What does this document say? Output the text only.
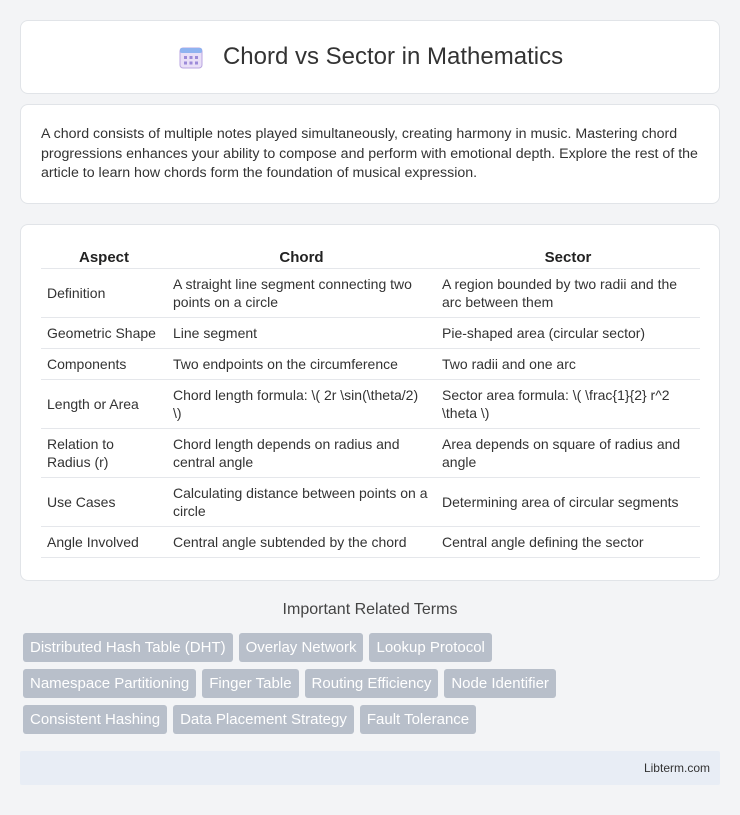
Chord vs Sector in Mathematics

A chord consists of multiple notes played simultaneously, creating harmony in music. Mastering chord progressions enhances your ability to compose and perform with emotional depth. Explore the rest of the article to learn how chords form the foundation of musical expression.

Aspect	Chord	Sector
Definition	A straight line segment connecting two points on a circle	A region bounded by two radii and the arc between them
Geometric Shape	Line segment	Pie-shaped area (circular sector)
Components	Two endpoints on the circumference	Two radii and one arc
Length or Area	Chord length formula: \( 2r \sin(\theta/2) \)	Sector area formula: \( \frac{1}{2} r^2 \theta \)
Relation to Radius (r)	Chord length depends on radius and central angle	Area depends on square of radius and angle
Use Cases	Calculating distance between points on a circle	Determining area of circular segments
Angle Involved	Central angle subtended by the chord	Central angle defining the sector
Important Related Terms
Distributed Hash Table (DHT) Overlay Network Lookup Protocol
Namespace Partitioning Finger Table Routing Efficiency Node Identifier
Consistent Hashing Data Placement Strategy Fault Tolerance
Libterm.com
